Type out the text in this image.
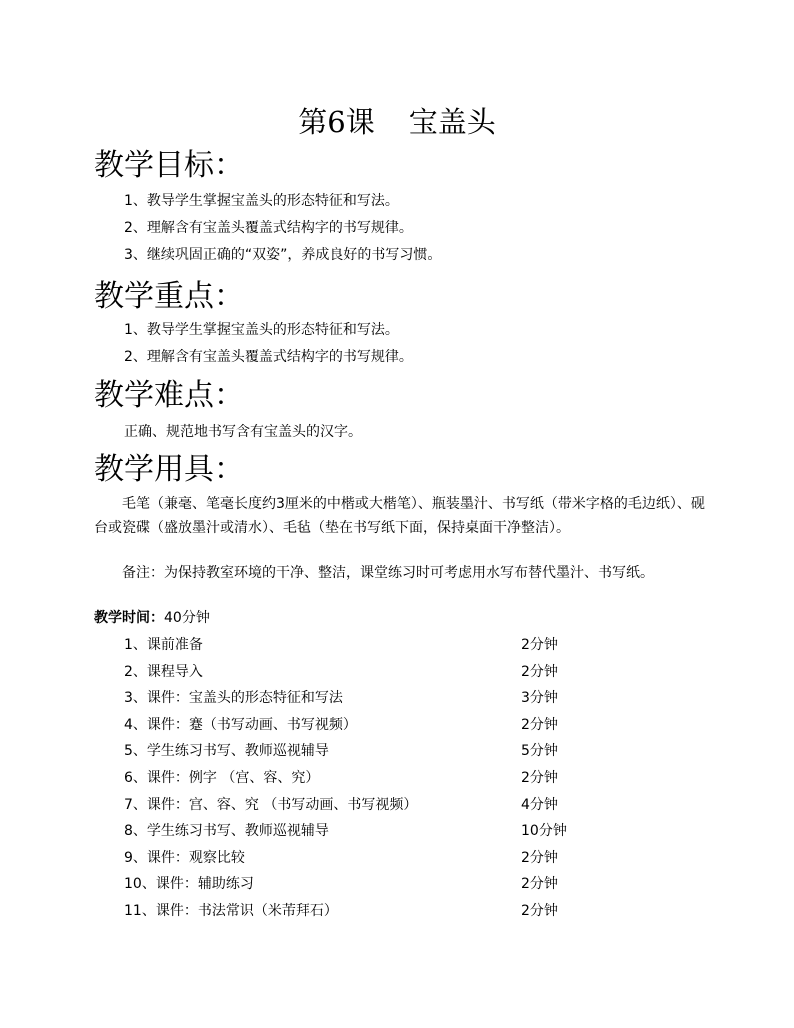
第6课 宝盖头
教学目标：
1、教导学生掌握宝盖头的形态特征和写法。
2、理解含有宝盖头覆盖式结构字的书写规律。
3、继续巩固正确的“双姿”，养成良好的书写习惯。
教学重点：
1、教导学生掌握宝盖头的形态特征和写法。
2、理解含有宝盖头覆盖式结构字的书写规律。
教学难点：
正确、规范地书写含有宝盖头的汉字。
教学用具：

毛笔（兼毫、笔毫长度约3厘米的中楷或大楷笔）、瓶装墨汁、书写纸（带米字格的毛边纸）、砚台或瓷碟（盛放墨汁或清水）、毛毡（垫在书写纸下面，保持桌面干净整洁）。

备注：为保持教室环境的干净、整洁，课堂练习时可考虑用水写布替代墨汁、书写纸。

教学时间：40分钟
1、课前准备	2分钟
2、课程导入	2分钟
3、课件：宝盖头的形态特征和写法	3分钟
4、课件：蹇（书写动画、书写视频）	2分钟
5、学生练习书写、教师巡视辅导	5分钟
6、课件：例字 （宫、容、究）	2分钟
7、课件：宫、容、究 （书写动画、书写视频）	4分钟
8、学生练习书写、教师巡视辅导	10分钟
9、课件：观察比较	2分钟
10、课件：辅助练习	2分钟
11、课件：书法常识（米芾拜石）	2分钟
